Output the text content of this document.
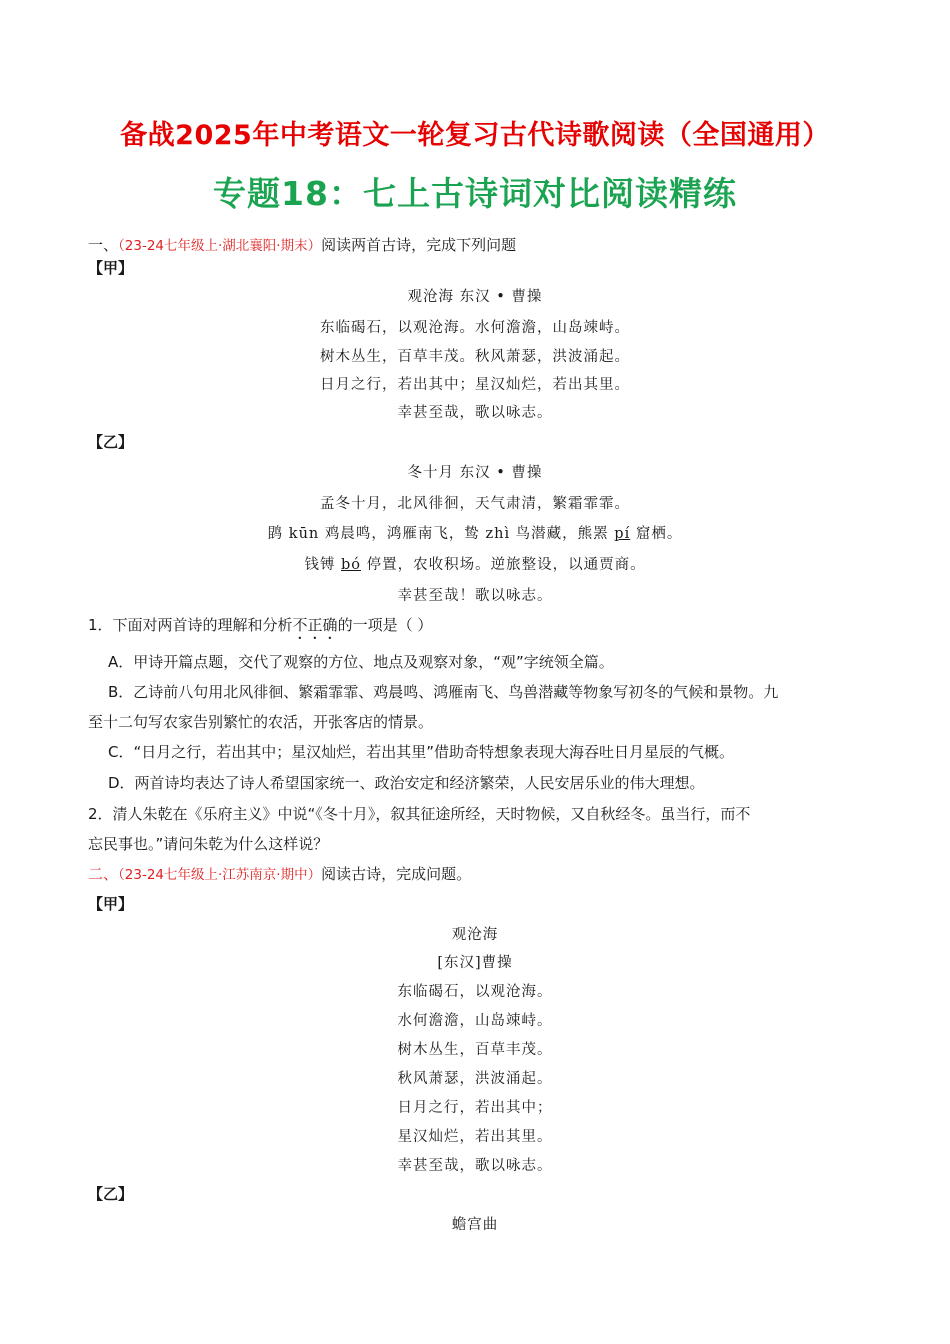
备战2025年中考语文一轮复习古代诗歌阅读（全国通用）
专题18：七上古诗词对比阅读精练
一、（23-24七年级上·湖北襄阳·期末）阅读两首古诗，完成下列问题
【甲】
观沧海 东汉 • 曹操
东临碣石，以观沧海。水何澹澹，山岛竦峙。
树木丛生，百草丰茂。秋风萧瑟，洪波涌起。
日月之行，若出其中；星汉灿烂，若出其里。
幸甚至哉，歌以咏志。
【乙】
冬十月 东汉 • 曹操
孟冬十月，北风徘徊，天气肃清，繁霜霏霏。
鹍 kūn 鸡晨鸣，鸿雁南飞，鸷 zhì 鸟潜藏，熊罴 pí 窟栖。
钱镈 bó 停置，农收积场。逆旅整设，以通贾商。
幸甚至哉！歌以咏志。
1．下面对两首诗的理解和分析不正确的一项是（ ）
A．甲诗开篇点题，交代了观察的方位、地点及观察对象，“观”字统领全篇。
B．乙诗前八句用北风徘徊、繁霜霏霏、鸡晨鸣、鸿雁南飞、鸟兽潜藏等物象写初冬的气候和景物。九
至十二句写农家告别繁忙的农活，开张客店的情景。
C．“日月之行，若出其中；星汉灿烂，若出其里”借助奇特想象表现大海吞吐日月星辰的气概。
D．两首诗均表达了诗人希望国家统一、政治安定和经济繁荣，人民安居乐业的伟大理想。
2．清人朱乾在《乐府主义》中说“《冬十月》，叙其征途所经，天时物候，又自秋经冬。虽当行，而不
忘民事也。”请问朱乾为什么这样说？
二、（23-24七年级上·江苏南京·期中）阅读古诗，完成问题。
【甲】
观沧海
[东汉]曹操
东临碣石，以观沧海。
水何澹澹，山岛竦峙。
树木丛生，百草丰茂。
秋风萧瑟，洪波涌起。
日月之行，若出其中；
星汉灿烂，若出其里。
幸甚至哉，歌以咏志。
【乙】
蟾宫曲
